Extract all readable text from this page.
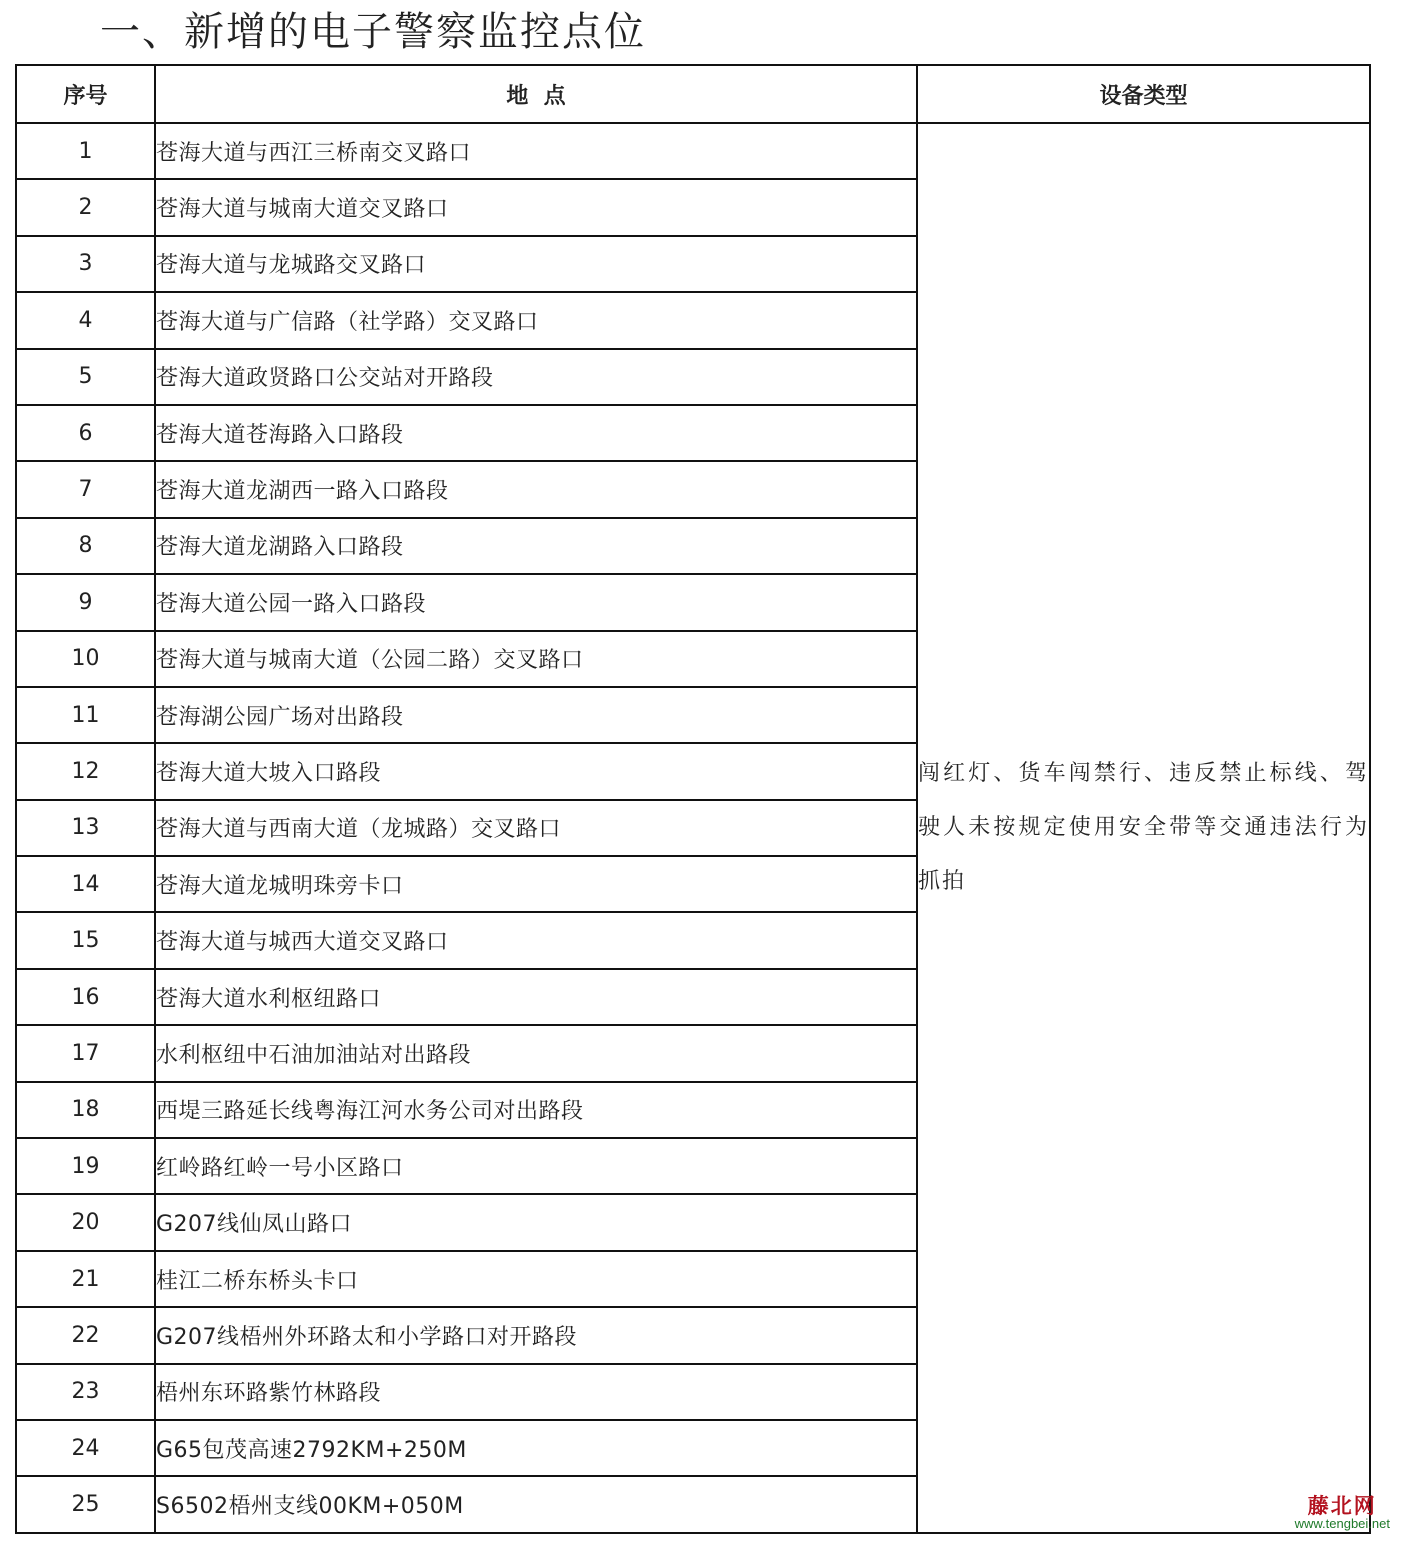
一、新增的电子警察监控点位
序号	地  点	设备类型
1	苍海大道与西江三桥南交叉路口	闯红灯、货车闯禁行、违反禁止标线、驾驶人未按规定使用安全带等交通违法行为抓拍

2	苍海大道与城南大道交叉路口	
3	苍海大道与龙城路交叉路口	
4	苍海大道与广信路（社学路）交叉路口	
5	苍海大道政贤路口公交站对开路段	
6	苍海大道苍海路入口路段	
7	苍海大道龙湖西一路入口路段	
8	苍海大道龙湖路入口路段	
9	苍海大道公园一路入口路段	
10	苍海大道与城南大道（公园二路）交叉路口	
11	苍海湖公园广场对出路段	
12	苍海大道大坡入口路段	
13	苍海大道与西南大道（龙城路）交叉路口	
14	苍海大道龙城明珠旁卡口	
15	苍海大道与城西大道交叉路口	
16	苍海大道水利枢纽路口	
17	水利枢纽中石油加油站对出路段	
18	西堤三路延长线粤海江河水务公司对出路段	
19	红岭路红岭一号小区路口	
20	G207线仙凤山路口	
21	桂江二桥东桥头卡口	
22	G207线梧州外环路太和小学路口对开路段	
23	梧州东环路紫竹林路段	
24	G65包茂高速2792KM+250M	
25	S6502梧州支线00KM+050M		藤北网
www.tengbei.net
